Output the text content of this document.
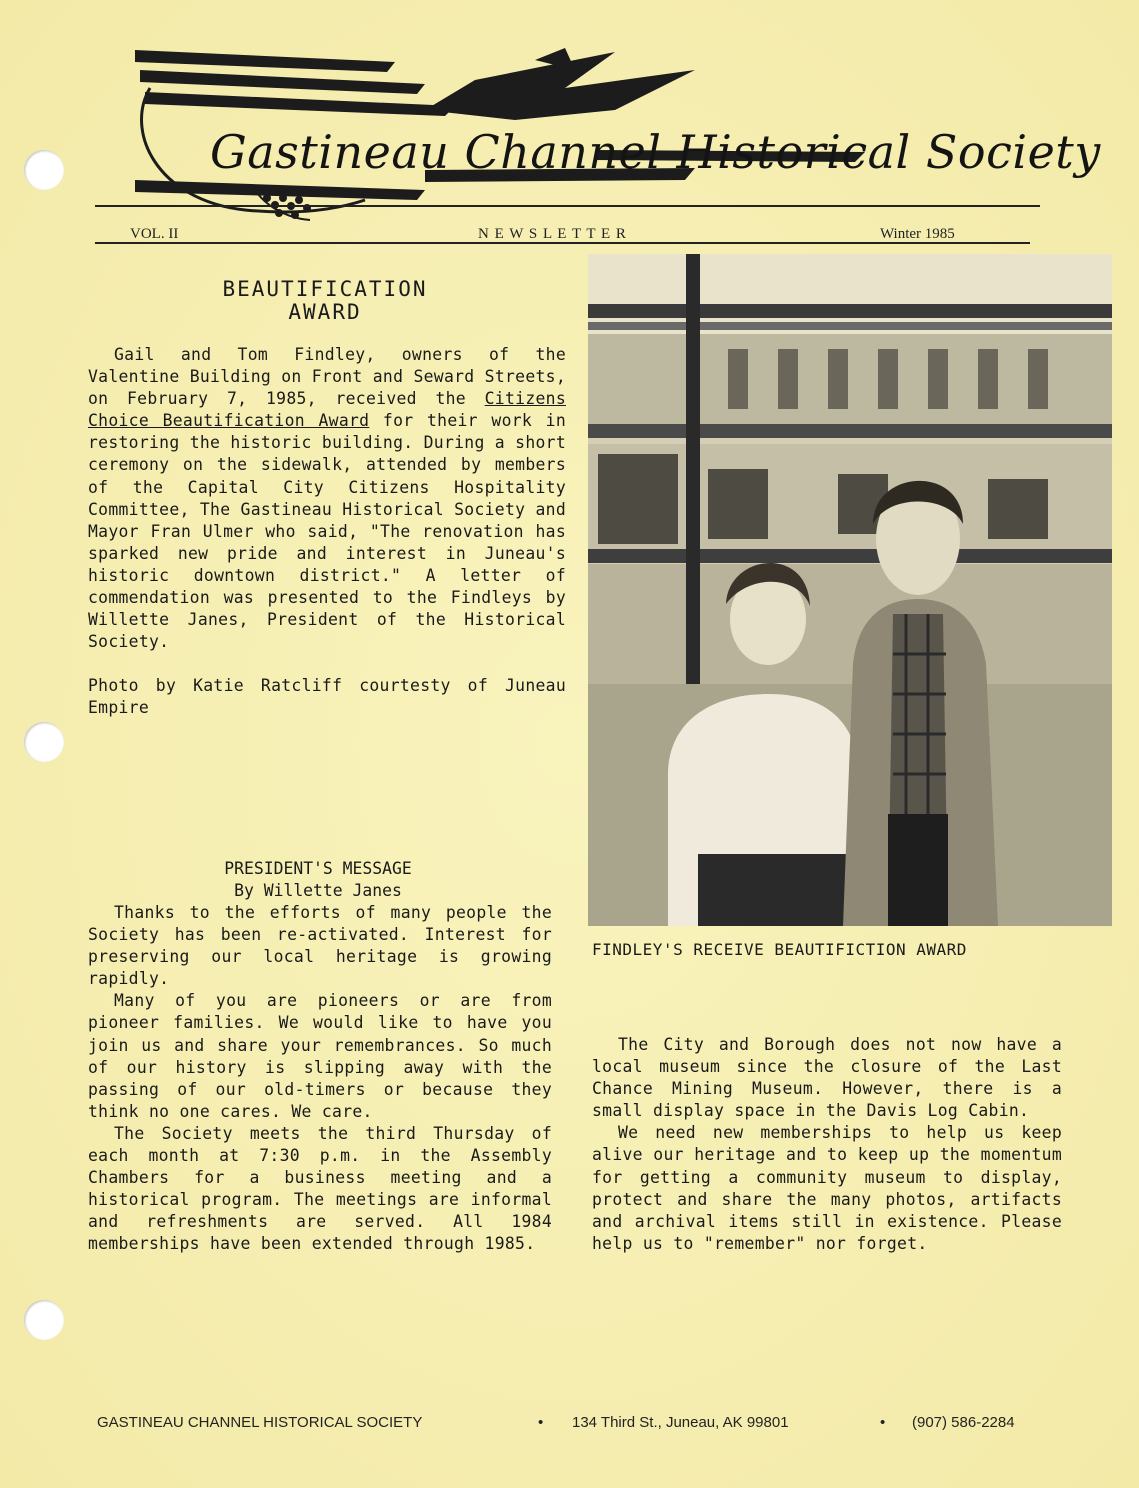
Gastineau Channel Historical Society
VOL. II	N E W S L E T T E R	Winter 1985
BEAUTIFICATION
AWARD

Gail and Tom Findley, owners of the Valentine Building on Front and Seward Streets, on February 7, 1985, received the Citizens Choice Beautification Award for their work in restoring the historic building. During a short ceremony on the sidewalk, attended by members of the Capital City Citizens Hospitality Committee, The Gastineau Historical Society and Mayor Fran Ulmer who said, "The renovation has sparked new pride and interest in Juneau's historic downtown district." A letter of commendation was presented to the Findleys by Willette Janes, President of the Historical Society.

Photo by Katie Ratcliff courtesty of Juneau Empire

PRESIDENT'S MESSAGE
By Willette Janes

Thanks to the efforts of many people the Society has been re-activated. Interest for preserving our local heritage is growing rapidly.

Many of you are pioneers or are from pioneer families. We would like to have you join us and share your remembrances. So much of our history is slipping away with the passing of our old-timers or because they think no one cares. We care.

The Society meets the third Thursday of each month at 7:30 p.m. in the Assembly Chambers for a business meeting and a historical program. The meetings are informal and refreshments are served. All 1984 memberships have been extended through 1985.

FINDLEY'S RECEIVE BEAUTIFICTION AWARD

The City and Borough does not now have a local museum since the closure of the Last Chance Mining Museum. However, there is a small display space in the Davis Log Cabin.

We need new memberships to help us keep alive our heritage and to keep up the momentum for getting a community museum to display, protect and share the many photos, artifacts and archival items still in existence. Please help us to "remember" nor forget.

GASTINEAU CHANNEL HISTORICAL SOCIETY	• 134 Third St., Juneau, AK 99801	• (907) 586-2284
